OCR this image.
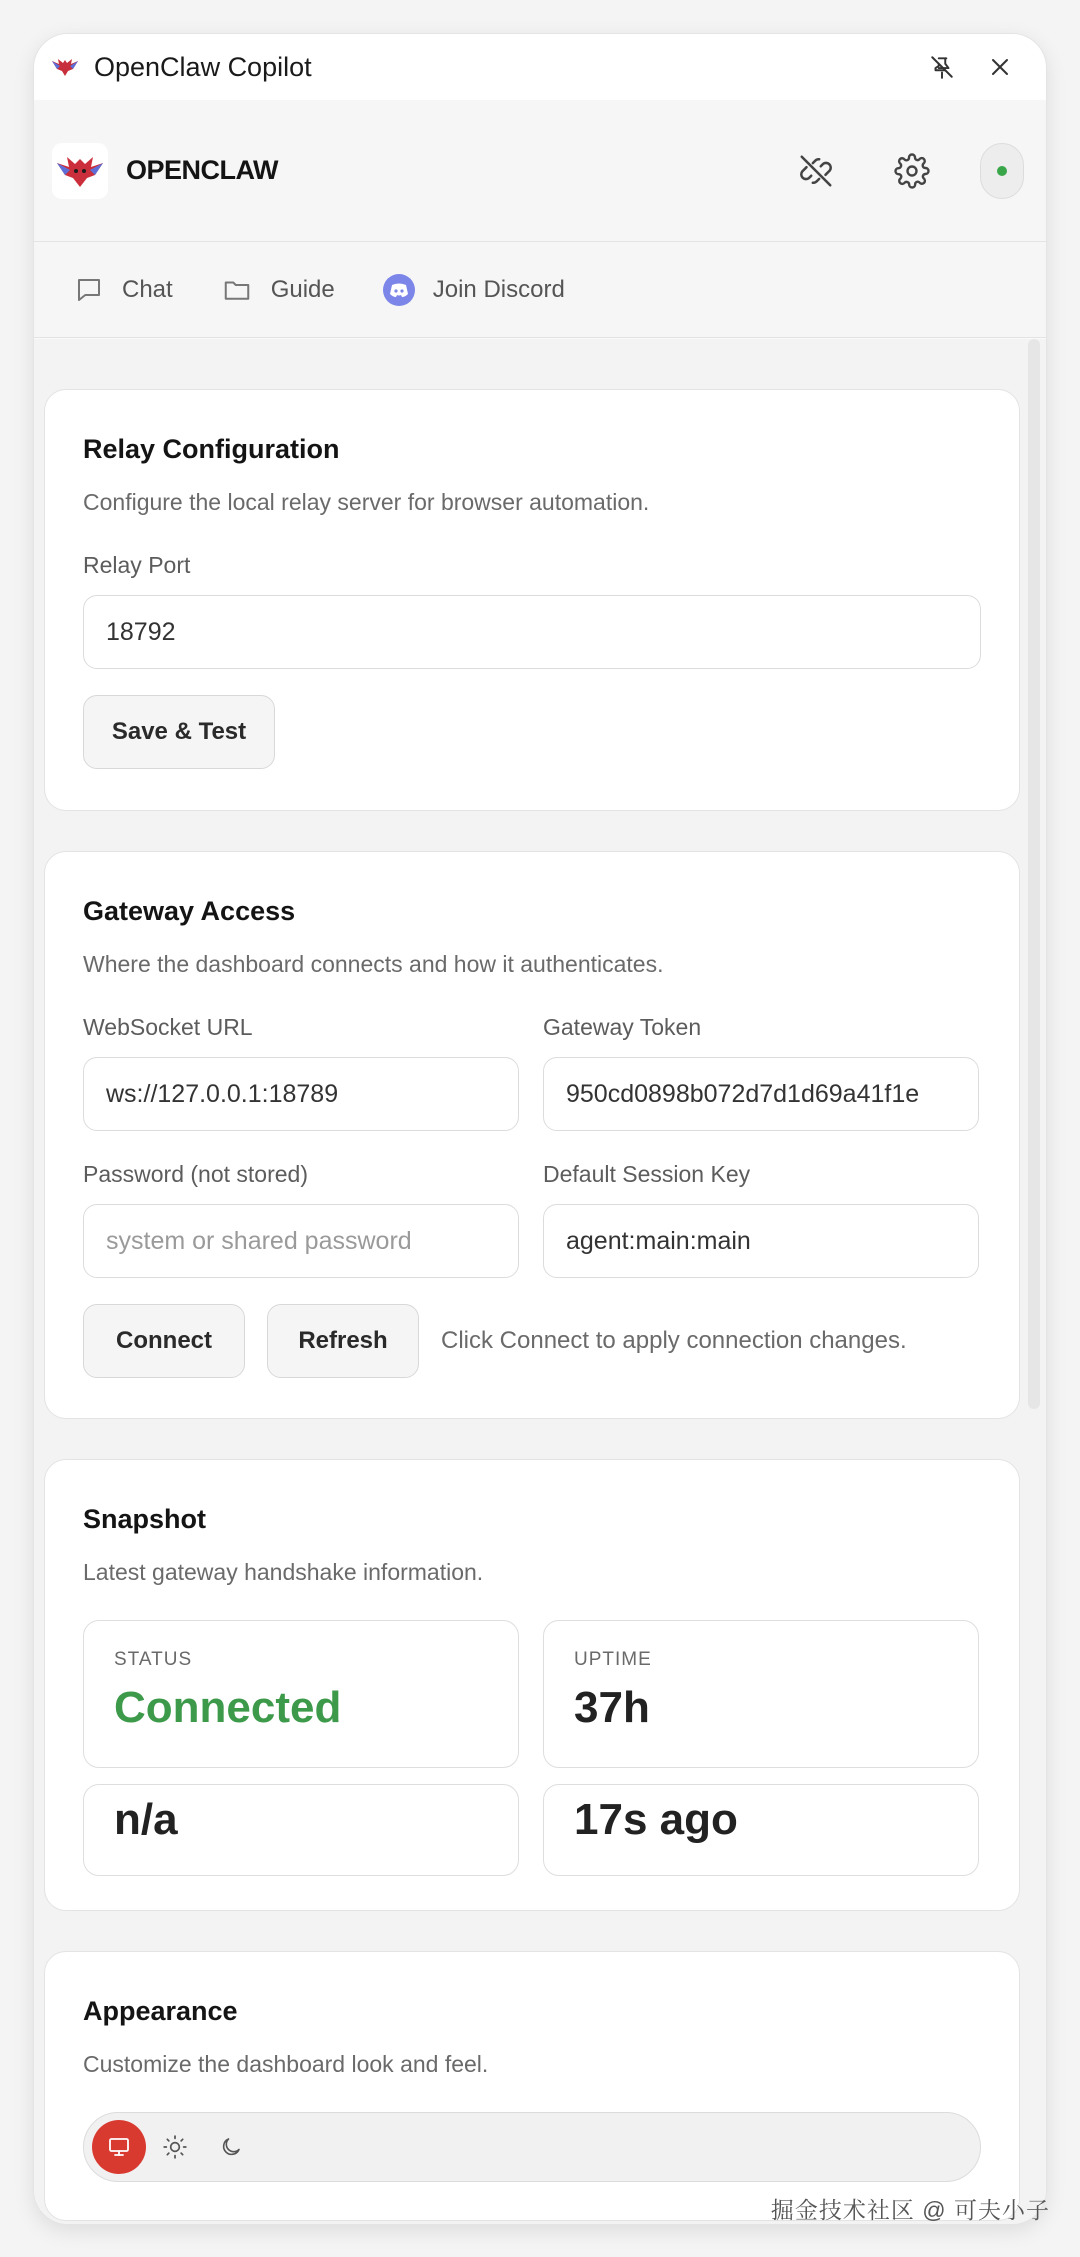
OpenClaw Copilot
OPENCLAW
Chat	Guide	Join Discord
Relay Configuration
Configure the local relay server for browser automation.
Relay Port
18792
Save & Test
Gateway Access
Where the dashboard connects and how it authenticates.
WebSocket URL
ws://127.0.0.1:18789
Gateway Token
950cd0898b072d7d1d69a41f1e
Password (not stored)
system or shared password
Default Session Key
agent:main:main
Connect	Refresh	Click Connect to apply connection changes.
Snapshot
Latest gateway handshake information.
STATUS
Connected
UPTIME
37h
n/a	17s ago
Appearance
Customize the dashboard look and feel.
掘金技术社区 @ 可夫小子
